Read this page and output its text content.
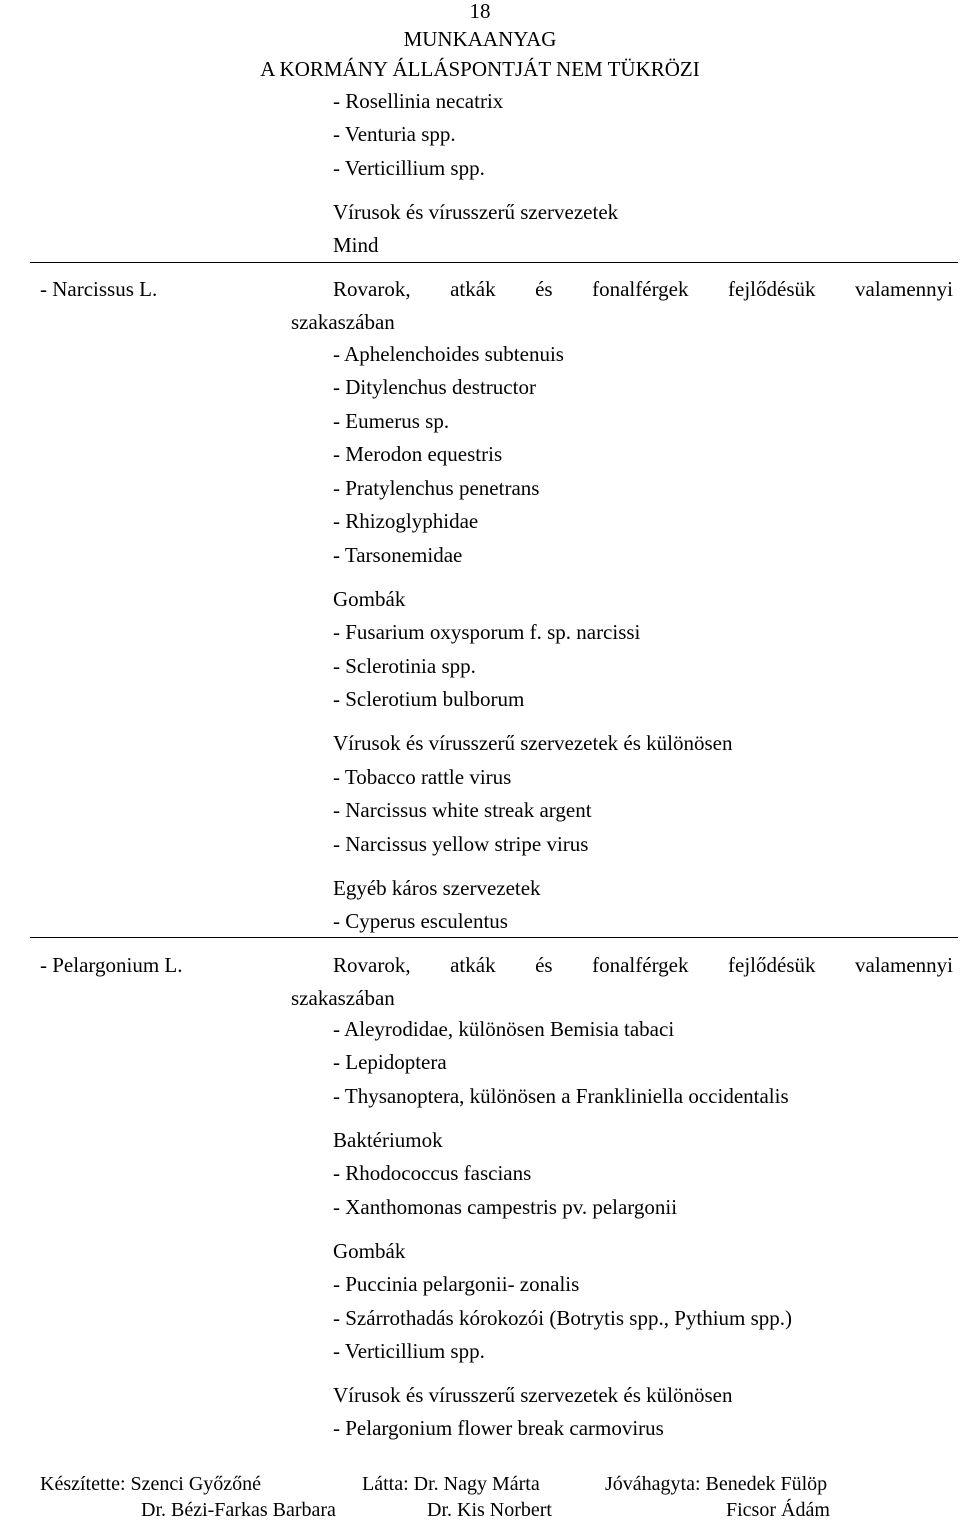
18
MUNKAANYAG
A KORMÁNY ÁLLÁSPONTJÁT NEM TÜKRÖZI
- Rosellinia necatrix
- Venturia spp.
- Verticillium spp.
Vírusok és vírusszerű szervezetek
Mind
- Narcissus L.	Rovarok, atkák és fonalférgek fejlődésük valamennyi
szakaszában
- Aphelenchoides subtenuis
- Ditylenchus destructor
- Eumerus sp.
- Merodon equestris
- Pratylenchus penetrans
- Rhizoglyphidae
- Tarsonemidae
Gombák
- Fusarium oxysporum f. sp. narcissi
- Sclerotinia spp.
- Sclerotium bulborum
Vírusok és vírusszerű szervezetek és különösen
- Tobacco rattle virus
- Narcissus white streak argent
- Narcissus yellow stripe virus
Egyéb káros szervezetek
- Cyperus esculentus
- Pelargonium L.	Rovarok, atkák és fonalférgek fejlődésük valamennyi
szakaszában
- Aleyrodidae, különösen Bemisia tabaci
- Lepidoptera
- Thysanoptera, különösen a Frankliniella occidentalis
Baktériumok
- Rhodococcus fascians
- Xanthomonas campestris pv. pelargonii
Gombák
- Puccinia pelargonii- zonalis
- Szárrothadás kórokozói (Botrytis spp., Pythium spp.)
- Verticillium spp.
Vírusok és vírusszerű szervezetek és különösen
- Pelargonium flower break carmovirus
Készítette: Szenci Győzőné
Dr. Bézi-Farkas Barbara
Látta: Dr. Nagy Márta
Dr. Kis Norbert
Jóváhagyta: Benedek Fülöp
Ficsor Ádám
